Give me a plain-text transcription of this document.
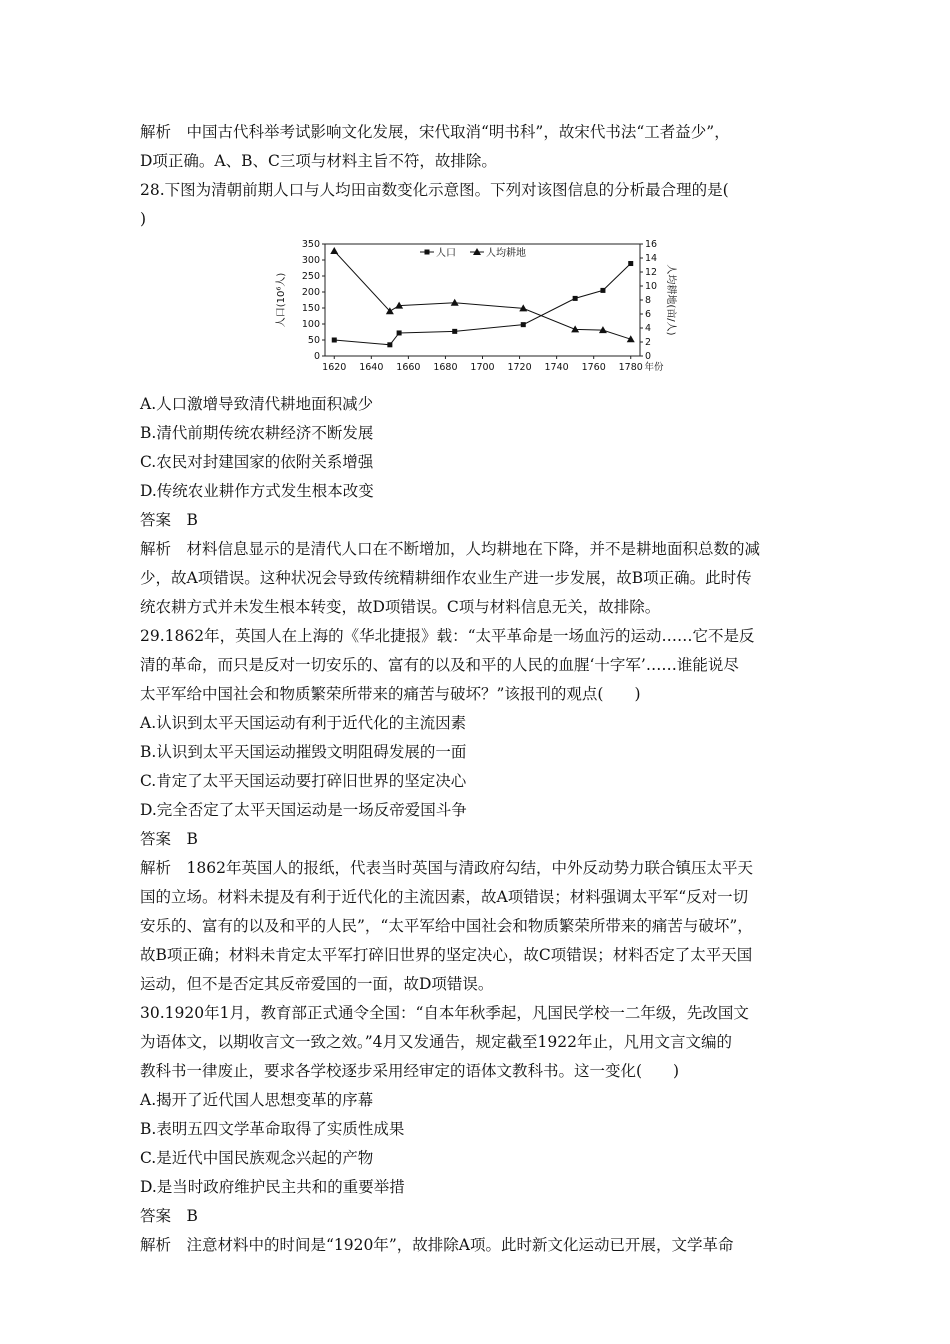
解析　中国古代科举考试影响文化发展，宋代取消“明书科”，故宋代书法“工者益少”，

D项正确。A、B、C三项与材料主旨不符，故排除。

28.下图为清朝前期人口与人均田亩数变化示意图。下列对该图信息的分析最合理的是(

)

1620 1640 1660 1680 1700 1720 1740 1760 1780 年份
0
50
100
150
200
250
300
350
0
2
4
6
8
10
12
14
16
人口(10⁶人)	人均耕地(亩/人)
人口	人均耕地

A.人口激增导致清代耕地面积减少

B.清代前期传统农耕经济不断发展

C.农民对封建国家的依附关系增强

D.传统农业耕作方式发生根本改变

答案　B

解析　材料信息显示的是清代人口在不断增加，人均耕地在下降，并不是耕地面积总数的减

少，故A项错误。这种状况会导致传统精耕细作农业生产进一步发展，故B项正确。此时传

统农耕方式并未发生根本转变，故D项错误。C项与材料信息无关，故排除。

29.1862年，英国人在上海的《华北捷报》载：“太平革命是一场血污的运动……它不是反

清的革命，而只是反对一切安乐的、富有的以及和平的人民的血腥‘十字军’……谁能说尽

太平军给中国社会和物质繁荣所带来的痛苦与破坏？”该报刊的观点(　　)

A.认识到太平天国运动有利于近代化的主流因素

B.认识到太平天国运动摧毁文明阻碍发展的一面

C.肯定了太平天国运动要打碎旧世界的坚定决心

D.完全否定了太平天国运动是一场反帝爱国斗争

答案　B

解析　1862年英国人的报纸，代表当时英国与清政府勾结，中外反动势力联合镇压太平天

国的立场。材料未提及有利于近代化的主流因素，故A项错误；材料强调太平军“反对一切

安乐的、富有的以及和平的人民”，“太平军给中国社会和物质繁荣所带来的痛苦与破坏”，

故B项正确；材料未肯定太平军打碎旧世界的坚定决心，故C项错误；材料否定了太平天国

运动，但不是否定其反帝爱国的一面，故D项错误。

30.1920年1月，教育部正式通令全国：“自本年秋季起，凡国民学校一二年级，先改国文

为语体文，以期收言文一致之效。”4月又发通告，规定截至1922年止，凡用文言文编的

教科书一律废止，要求各学校逐步采用经审定的语体文教科书。这一变化(　　)

A.揭开了近代国人思想变革的序幕

B.表明五四文学革命取得了实质性成果

C.是近代中国民族观念兴起的产物

D.是当时政府维护民主共和的重要举措

答案　B

解析　注意材料中的时间是“1920年”，故排除A项。此时新文化运动已开展，文学革命
